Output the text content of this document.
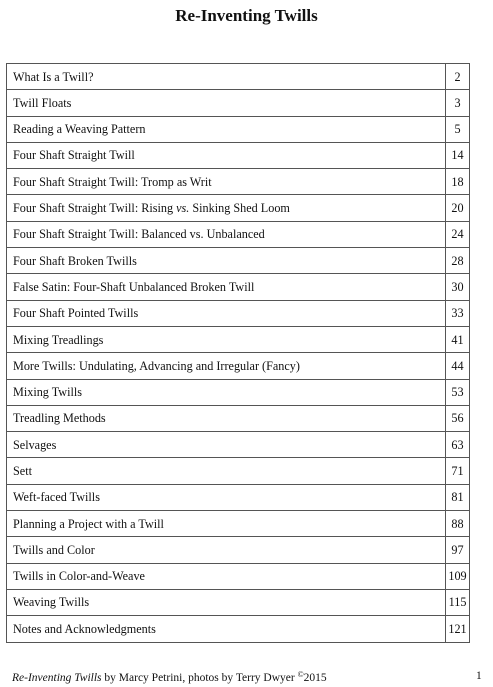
Re-Inventing Twills
What Is a Twill?	2
Twill Floats	3
Reading a Weaving Pattern	5
Four Shaft Straight Twill	14
Four Shaft Straight Twill: Tromp as Writ	18
Four Shaft Straight Twill: Rising vs. Sinking Shed Loom	20
Four Shaft Straight Twill: Balanced vs. Unbalanced	24
Four Shaft Broken Twills	28
False Satin: Four-Shaft Unbalanced Broken Twill	30
Four Shaft Pointed Twills	33
Mixing Treadlings	41
More Twills: Undulating, Advancing and Irregular (Fancy)	44
Mixing Twills	53
Treadling Methods	56
Selvages	63
Sett	71
Weft-faced Twills	81
Planning a Project with a Twill	88
Twills and Color	97
Twills in Color-and-Weave	109
Weaving Twills	115
Notes and Acknowledgments	121
Re-Inventing Twills by Marcy Petrini, photos by Terry Dwyer ©2015	1
